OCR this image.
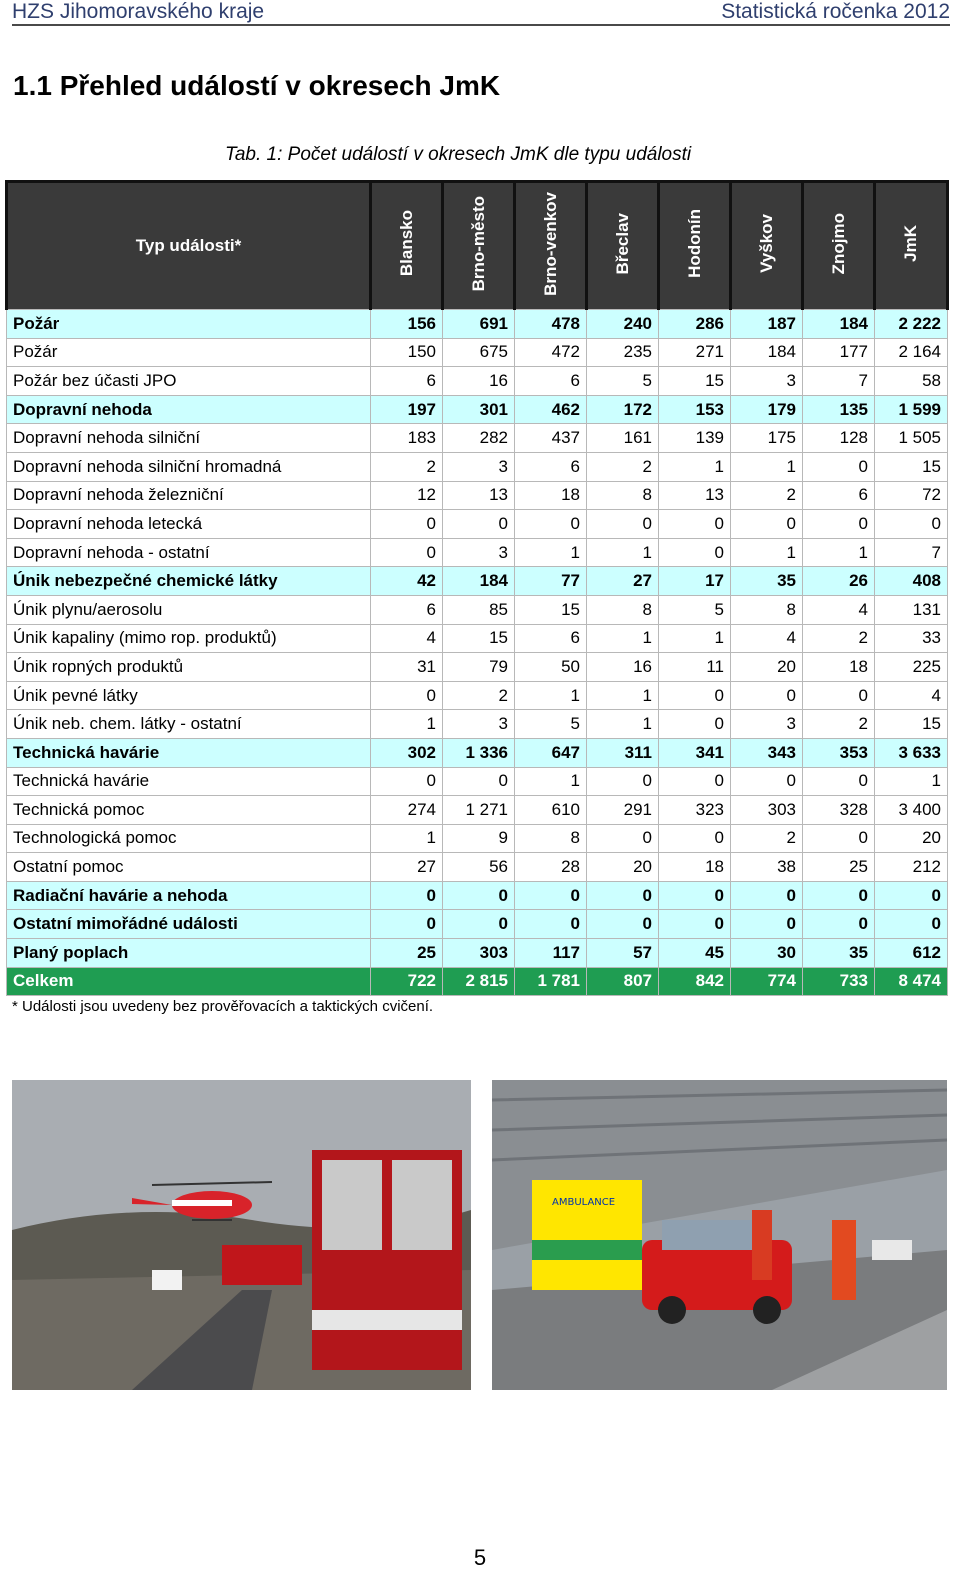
HZS Jihomoravského kraje	Statistická ročenka 2012
1.1 Přehled událostí v okresech JmK
Tab. 1: Počet událostí v okresech JmK dle typu události
Typ události*	Blansko	Brno-město	Brno-venkov	Břeclav	Hodonín	Vyškov	Znojmo	JmK
Požár	156	691	478	240	286	187	184	2 222
Požár	150	675	472	235	271	184	177	2 164
Požár bez účasti JPO	6	16	6	5	15	3	7	58
Dopravní nehoda	197	301	462	172	153	179	135	1 599
Dopravní nehoda silniční	183	282	437	161	139	175	128	1 505
Dopravní nehoda silniční hromadná	2	3	6	2	1	1	0	15
Dopravní nehoda železniční	12	13	18	8	13	2	6	72
Dopravní nehoda letecká	0	0	0	0	0	0	0	0
Dopravní nehoda - ostatní	0	3	1	1	0	1	1	7
Únik nebezpečné chemické látky	42	184	77	27	17	35	26	408
Únik plynu/aerosolu	6	85	15	8	5	8	4	131
Únik kapaliny (mimo rop. produktů)	4	15	6	1	1	4	2	33
Únik ropných produktů	31	79	50	16	11	20	18	225
Únik pevné látky	0	2	1	1	0	0	0	4
Únik neb. chem. látky - ostatní	1	3	5	1	0	3	2	15
Technická havárie	302	1 336	647	311	341	343	353	3 633
Technická havárie	0	0	1	0	0	0	0	1
Technická pomoc	274	1 271	610	291	323	303	328	3 400
Technologická pomoc	1	9	8	0	0	2	0	20
Ostatní pomoc	27	56	28	20	18	38	25	212
Radiační havárie a nehoda	0	0	0	0	0	0	0	0
Ostatní mimořádné události	0	0	0	0	0	0	0	0
Planý poplach	25	303	117	57	45	30	35	612
Celkem	722	2 815	1 781	807	842	774	733	8 474
* Události jsou uvedeny bez prověřovacích a taktických cvičení.
AMBULANCE
5
